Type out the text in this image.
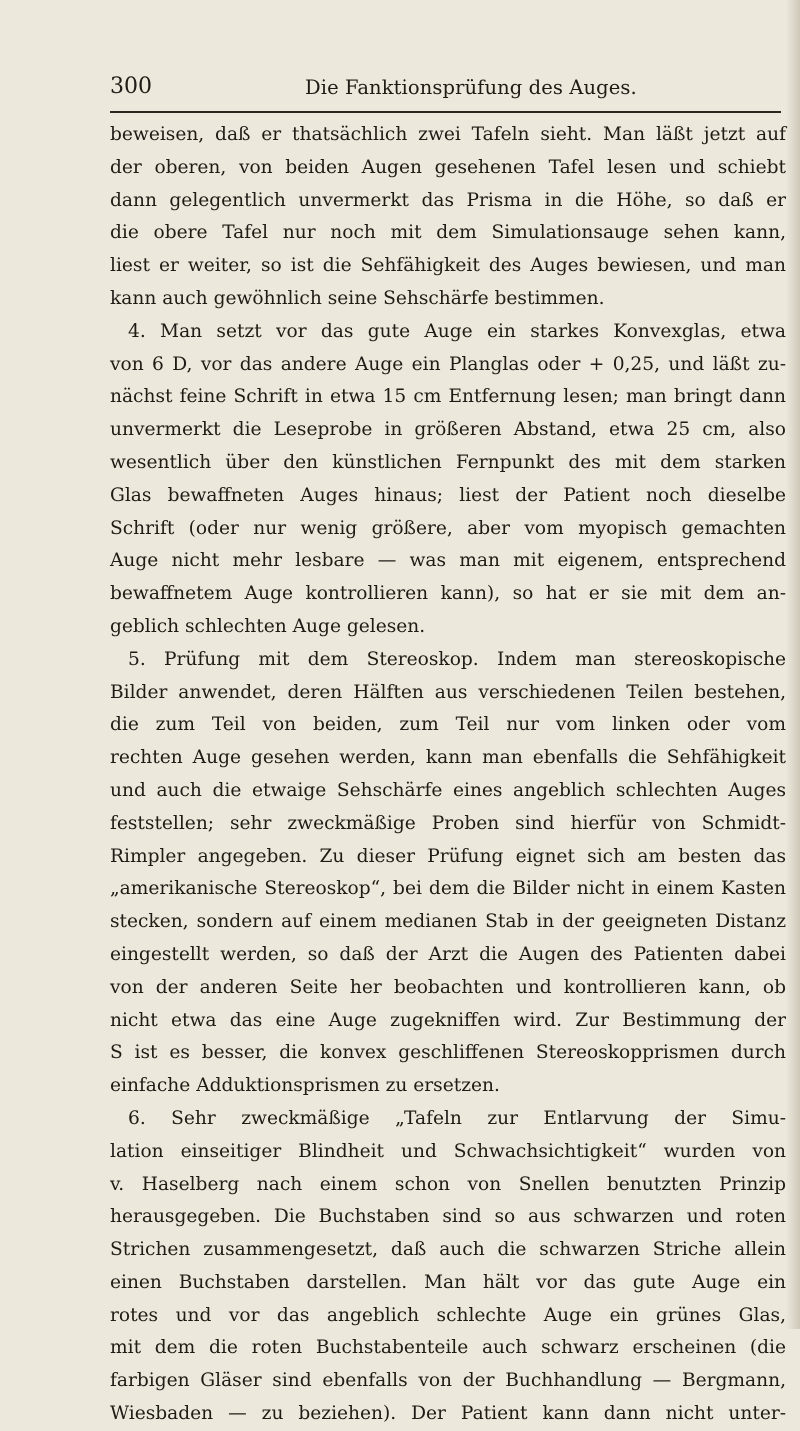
300	Die Fanktionsprüfung des Auges.
beweisen, daß er thatsächlich zwei Tafeln sieht. Man läßt jetzt auf
der oberen, von beiden Augen gesehenen Tafel lesen und schiebt
dann gelegentlich unvermerkt das Prisma in die Höhe, so daß er
die obere Tafel nur noch mit dem Simulationsauge sehen kann,
liest er weiter, so ist die Sehfähigkeit des Auges bewiesen, und man
kann auch gewöhnlich seine Sehschärfe bestimmen.
4. Man setzt vor das gute Auge ein starkes Konvexglas, etwa
von 6 D, vor das andere Auge ein Planglas oder + 0,25, und läßt zu-
nächst feine Schrift in etwa 15 cm Entfernung lesen; man bringt dann
unvermerkt die Leseprobe in größeren Abstand, etwa 25 cm, also
wesentlich über den künstlichen Fernpunkt des mit dem starken
Glas bewaffneten Auges hinaus; liest der Patient noch dieselbe
Schrift (oder nur wenig größere, aber vom myopisch gemachten
Auge nicht mehr lesbare — was man mit eigenem, entsprechend
bewaffnetem Auge kontrollieren kann), so hat er sie mit dem an-
geblich schlechten Auge gelesen.
5. Prüfung mit dem Stereoskop. Indem man stereoskopische
Bilder anwendet, deren Hälften aus verschiedenen Teilen bestehen,
die zum Teil von beiden, zum Teil nur vom linken oder vom
rechten Auge gesehen werden, kann man ebenfalls die Sehfähigkeit
und auch die etwaige Sehschärfe eines angeblich schlechten Auges
feststellen; sehr zweckmäßige Proben sind hierfür von Schmidt-
Rimpler angegeben. Zu dieser Prüfung eignet sich am besten das
„amerikanische Stereoskop“, bei dem die Bilder nicht in einem Kasten
stecken, sondern auf einem medianen Stab in der geeigneten Distanz
eingestellt werden, so daß der Arzt die Augen des Patienten dabei
von der anderen Seite her beobachten und kontrollieren kann, ob
nicht etwa das eine Auge zugekniffen wird. Zur Bestimmung der
S ist es besser, die konvex geschliffenen Stereoskopprismen durch
einfache Adduktionsprismen zu ersetzen.
6. Sehr zweckmäßige „Tafeln zur Entlarvung der Simu-
lation einseitiger Blindheit und Schwachsichtigkeit“ wurden von
v. Haselberg nach einem schon von Snellen benutzten Prinzip
herausgegeben. Die Buchstaben sind so aus schwarzen und roten
Strichen zusammengesetzt, daß auch die schwarzen Striche allein
einen Buchstaben darstellen. Man hält vor das gute Auge ein
rotes und vor das angeblich schlechte Auge ein grünes Glas,
mit dem die roten Buchstabenteile auch schwarz erscheinen (die
farbigen Gläser sind ebenfalls von der Buchhandlung — Bergmann,
Wiesbaden — zu beziehen). Der Patient kann dann nicht unter-
